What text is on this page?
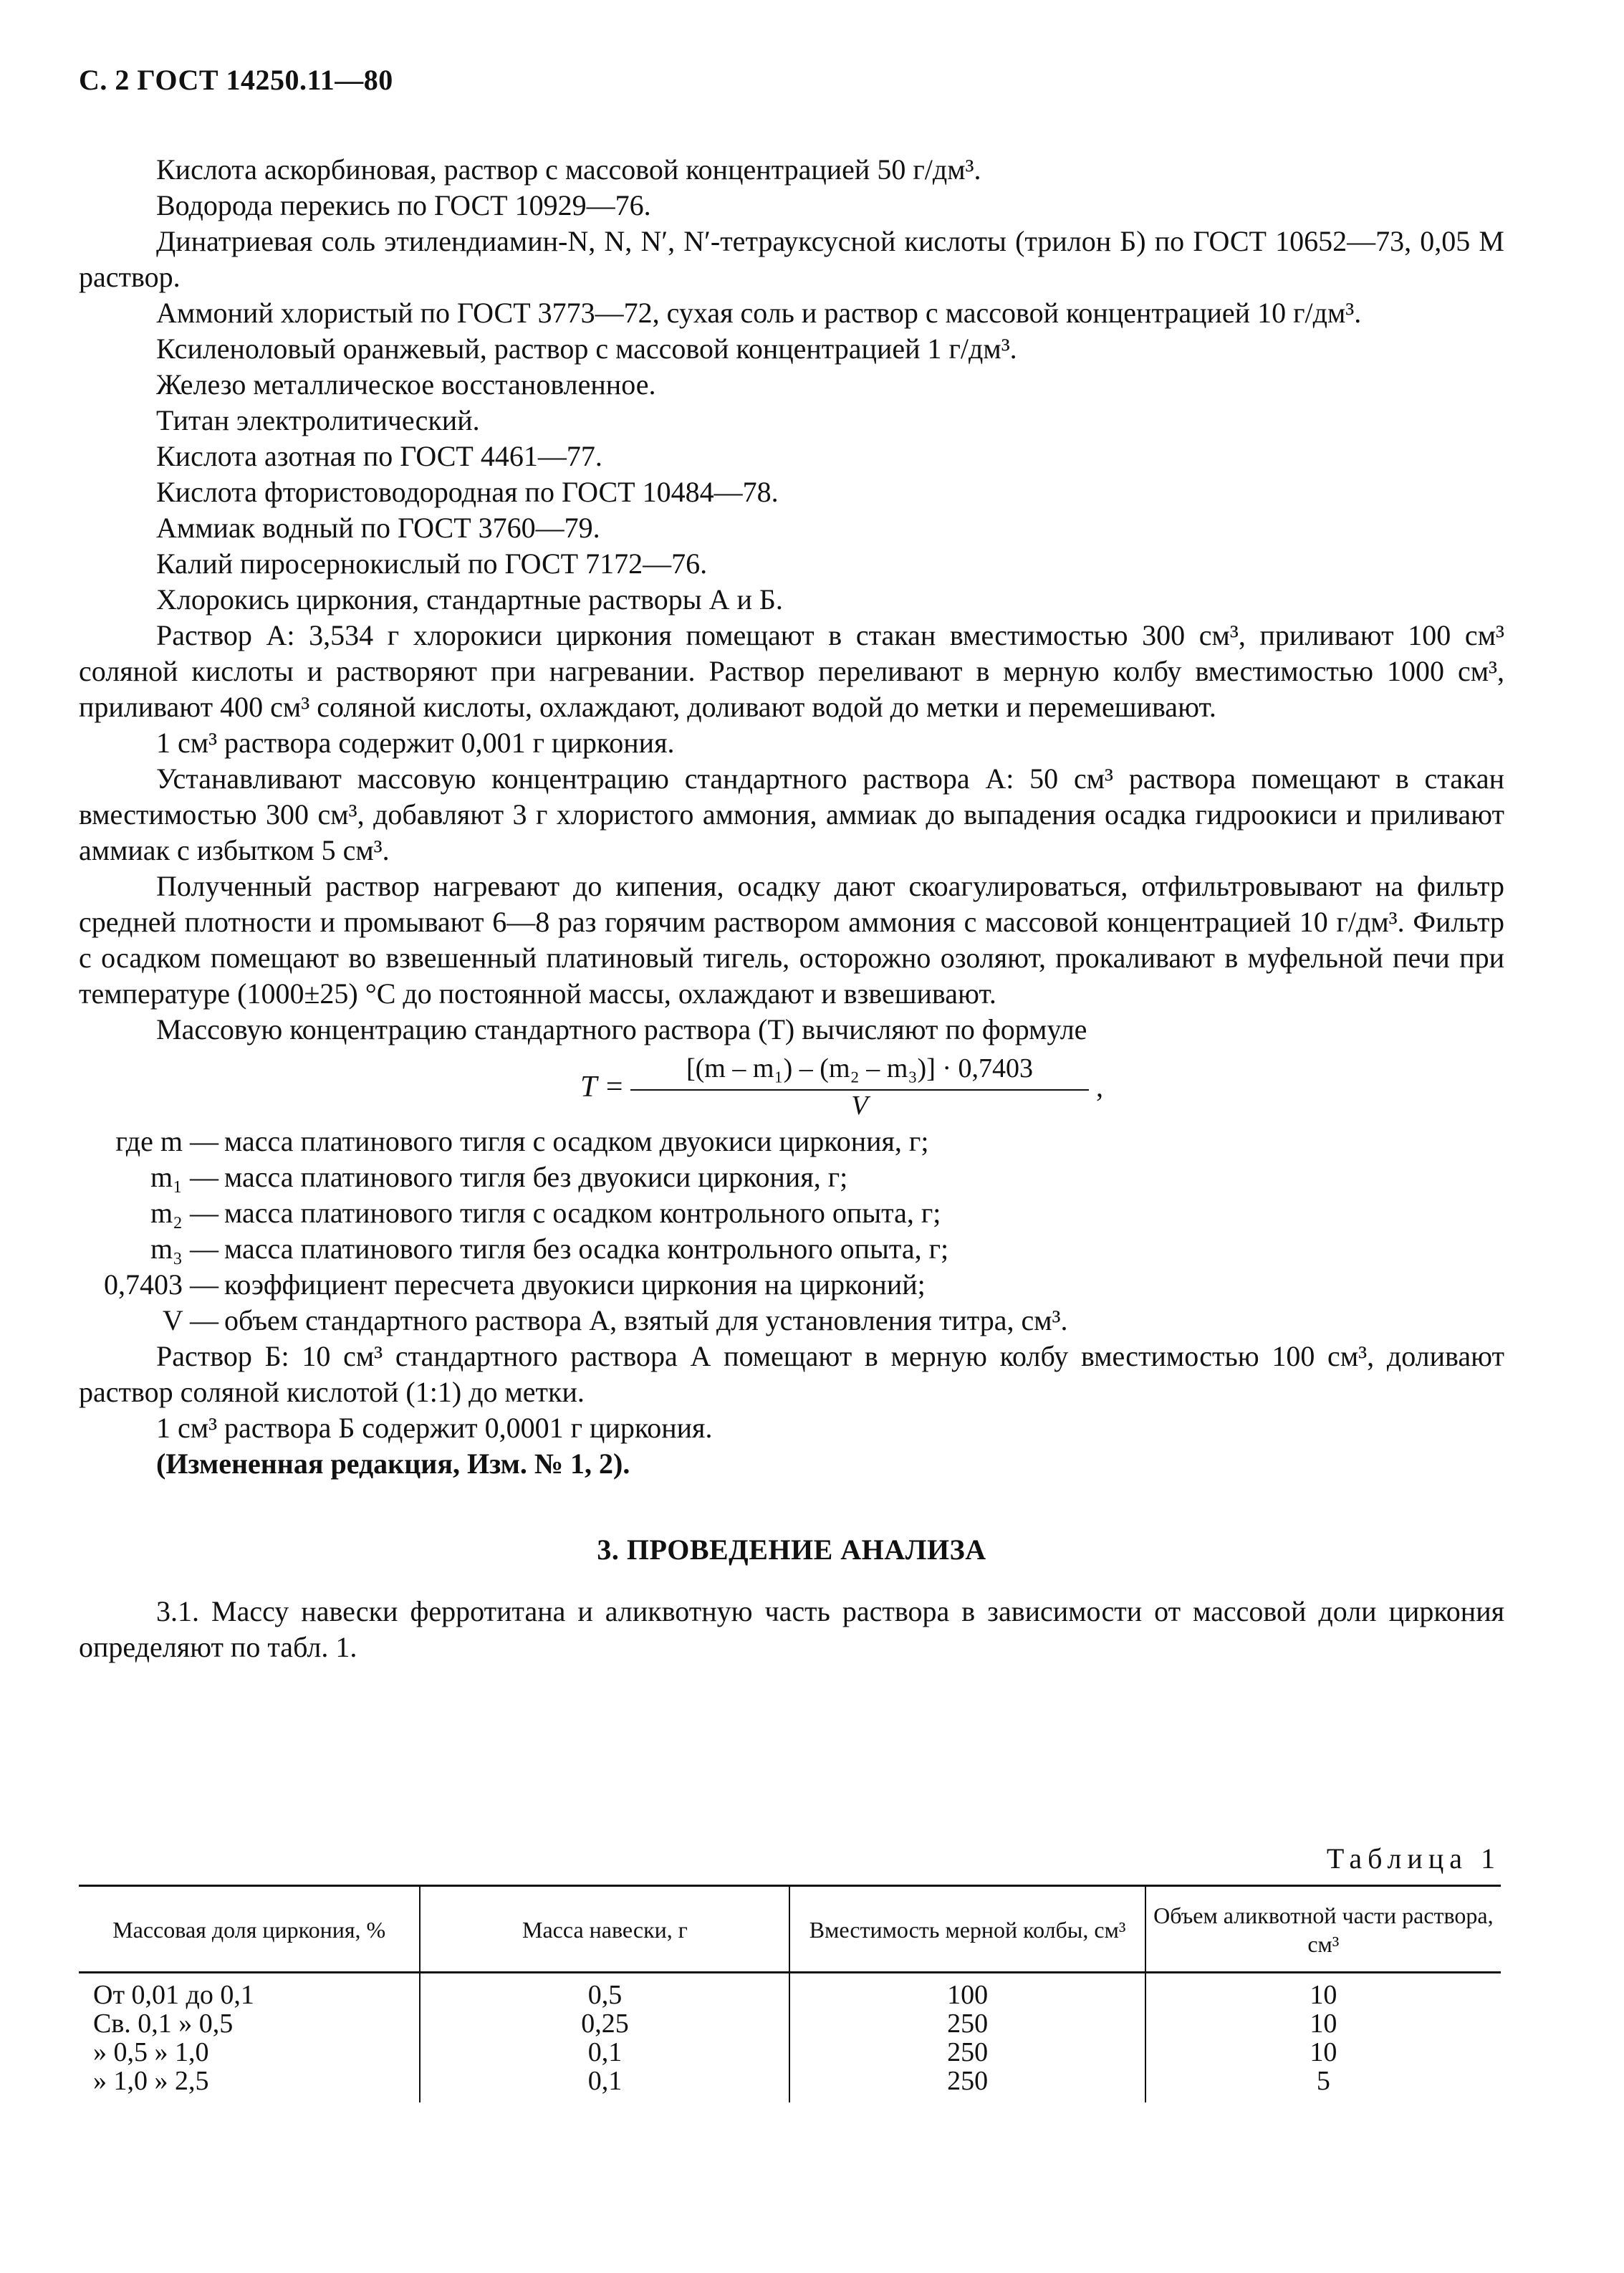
С. 2 ГОСТ 14250.11—80

Кислота аскорбиновая, раствор с массовой концентрацией 50 г/дм³.

Водорода перекись по ГОСТ 10929—76.

Динатриевая соль этилендиамин-N, N, N′, N′-тетрауксусной кислоты (трилон Б) по ГОСТ 10652—73, 0,05 М раствор.

Аммоний хлористый по ГОСТ 3773—72, сухая соль и раствор с массовой концентрацией 10 г/дм³.

Ксиленоловый оранжевый, раствор с массовой концентрацией 1 г/дм³.

Железо металлическое восстановленное.

Титан электролитический.

Кислота азотная по ГОСТ 4461—77.

Кислота фтористоводородная по ГОСТ 10484—78.

Аммиак водный по ГОСТ 3760—79.

Калий пиросернокислый по ГОСТ 7172—76.

Хлорокись циркония, стандартные растворы А и Б.

Раствор А: 3,534 г хлорокиси циркония помещают в стакан вместимостью 300 см³, приливают 100 см³ соляной кислоты и растворяют при нагревании. Раствор переливают в мерную колбу вместимостью 1000 см³, приливают 400 см³ соляной кислоты, охлаждают, доливают водой до метки и перемешивают.

1 см³ раствора содержит 0,001 г циркония.

Устанавливают массовую концентрацию стандартного раствора А: 50 см³ раствора помещают в стакан вместимостью 300 см³, добавляют 3 г хлористого аммония, аммиак до выпадения осадка гидроокиси и приливают аммиак с избытком 5 см³.

Полученный раствор нагревают до кипения, осадку дают скоагулироваться, отфильтровывают на фильтр средней плотности и промывают 6—8 раз горячим раствором аммония с массовой концентрацией 10 г/дм³. Фильтр с осадком помещают во взвешенный платиновый тигель, осторожно озоляют, прокаливают в муфельной печи при температуре (1000±25) °С до постоянной массы, охлаждают и взвешивают.

Массовую концентрацию стандартного раствора (T) вычисляют по формуле

T =
[(m – m₁) – (m₂ – m₃)] · 0,7403
V
,
где m — масса платинового тигля с осадком двуокиси циркония, г;
m₁ — масса платинового тигля без двуокиси циркония, г;
m₂ — масса платинового тигля с осадком контрольного опыта, г;
m₃ — масса платинового тигля без осадка контрольного опыта, г;
0,7403 — коэффициент пересчета двуокиси циркония на цирконий;
V — объем стандартного раствора А, взятый для установления титра, см³.

Раствор Б: 10 см³ стандартного раствора А помещают в мерную колбу вместимостью 100 см³, доливают раствор соляной кислотой (1:1) до метки.

1 см³ раствора Б содержит 0,0001 г циркония.

(Измененная редакция, Изм. № 1, 2).

3. ПРОВЕДЕНИЕ АНАЛИЗА

3.1. Массу навески ферротитана и аликвотную часть раствора в зависимости от массовой доли циркония определяют по табл. 1.

Таблица 1
Массовая доля циркония, %	Масса навески, г	Вместимость мерной колбы, см³	Объем аликвотной части раствора, см³
От 0,01 до 0,1	0,5	100	10
Св. 0,1 » 0,5	0,25	250	10
» 0,5 » 1,0	0,1	250	10
» 1,0 » 2,5	0,1	250	5
